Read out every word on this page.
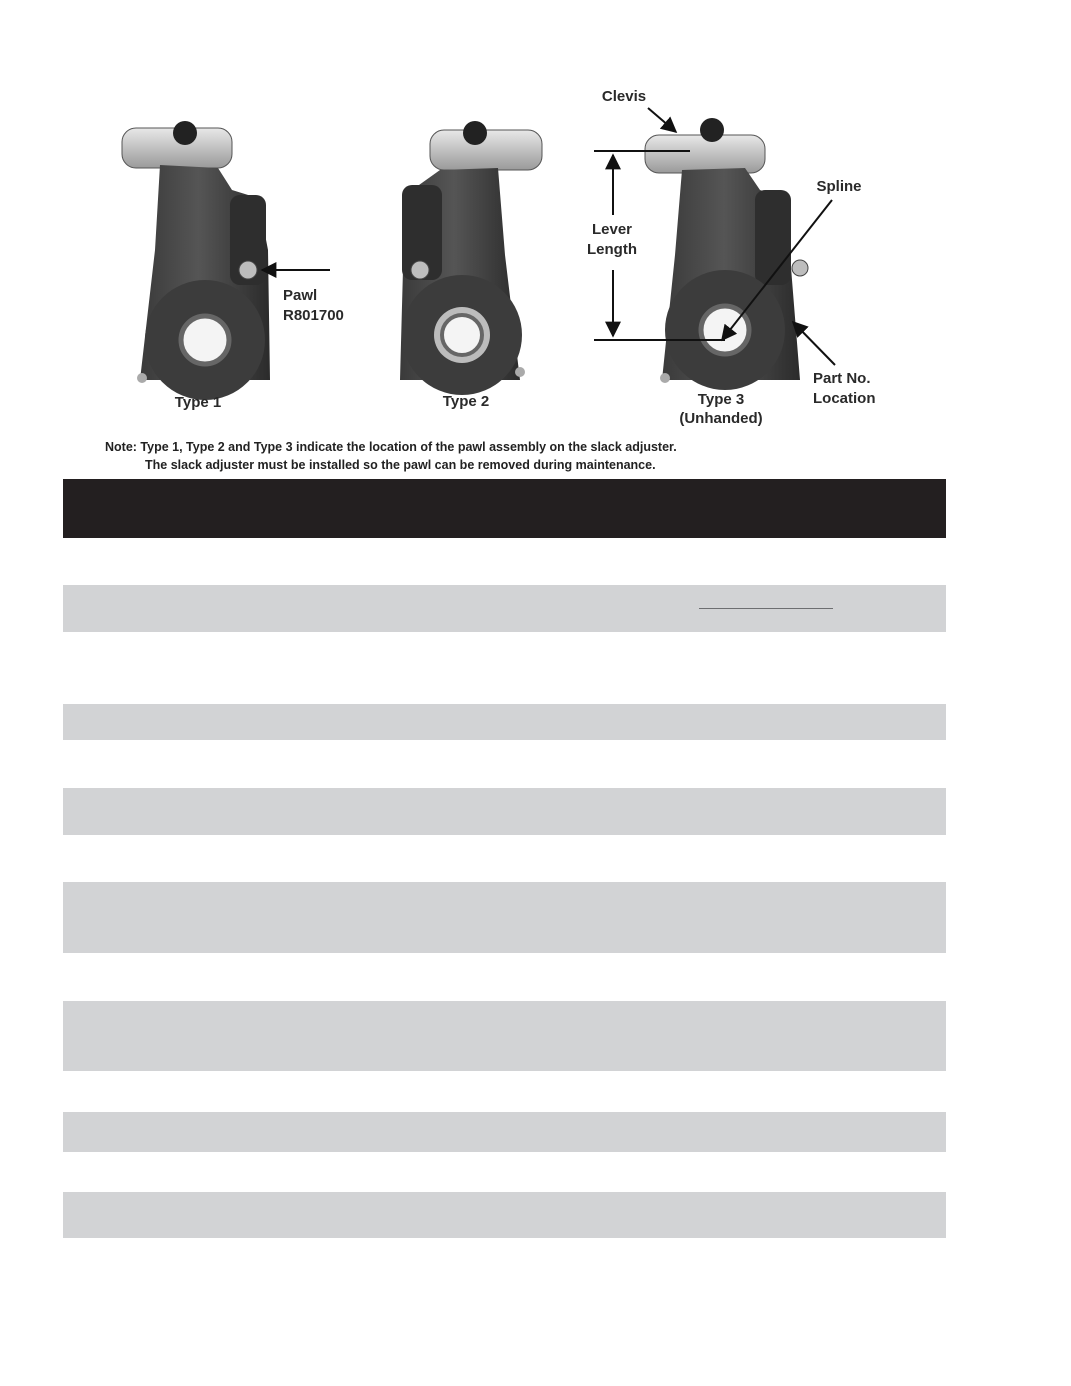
Clevis
Spline
Lever
Length
Pawl
R801700
Part No.
Location
Type 1	Type 2	Type 3
(Unhanded)
Note: Type 1, Type 2 and Type 3 indicate the location of the pawl assembly on the slack adjuster.
The slack adjuster must be installed so the pawl can be removed during maintenance.
